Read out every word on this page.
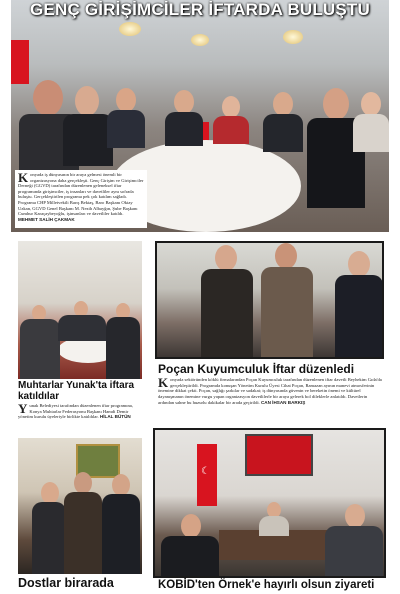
GENÇ GİRİŞİMCİLER İFTARDA BULUŞTU
Konyada iş dünyasının bir araya gelmesi önemli bir organizasyona daha gerçekleşti. Genç Girişim ve Girişimciler Derneği (GGVD) tarafından düzenlenen geleneksel iftar programında girişimciler, iş insanları ve davetliler aynı sofrada buluştu. Gerçekleştirilen programa pek çok katılım sağladı. Programa CHP Milletvekili Barış Bektaş, Baro Başkanı Oktay Uzkan, GGVD Genel Başkanı M. Nezih Albayğın, Şube Başkanı Cumhur Karaçaybeyoğlu, işinsanları ve davetliler katıldı. MEHMET SALİH ÇAKMAK
Muhtarlar Yunak'ta iftara katıldılar
Yunak Belediyesi tarafından düzenlenen iftar programına, Konya Muhtarlar Federasyonu Başkanı Hamdi Demir yönetim kurulu üyeleriyle birlikte katıldılar. HİLAL BÜTÜN
Poçan Kuyumculuk İftar düzenledi
Konyada sektöründen köklü firmalarından Poçan Kuyumculuk tarafından düzenlenen iftar davetli Beyhekim Gıda'da gerçekleştirildi. Programda konuşan Yönetim Kurulu Üyesi Cihat Poçan, Ramazan ayının manevi atmosferinin önemine dikkat çekti. Poçan, sağlığı şarkılar ve sadakat; iş dünyasında güvenin ve bereketin önemi ve kültürel dayanışmanın önemine vurgu yapan organizasyon davetlilerle bir araya gelerek bol dileklerle anlatıldı. Davetlerin ardından sahne bu huzurlu dakikalar bir arada geçirildi. CAN İHSAN BARKIŞ
Dostlar birarada
☾
KOBİD'ten Örnek'e hayırlı olsun ziyareti
